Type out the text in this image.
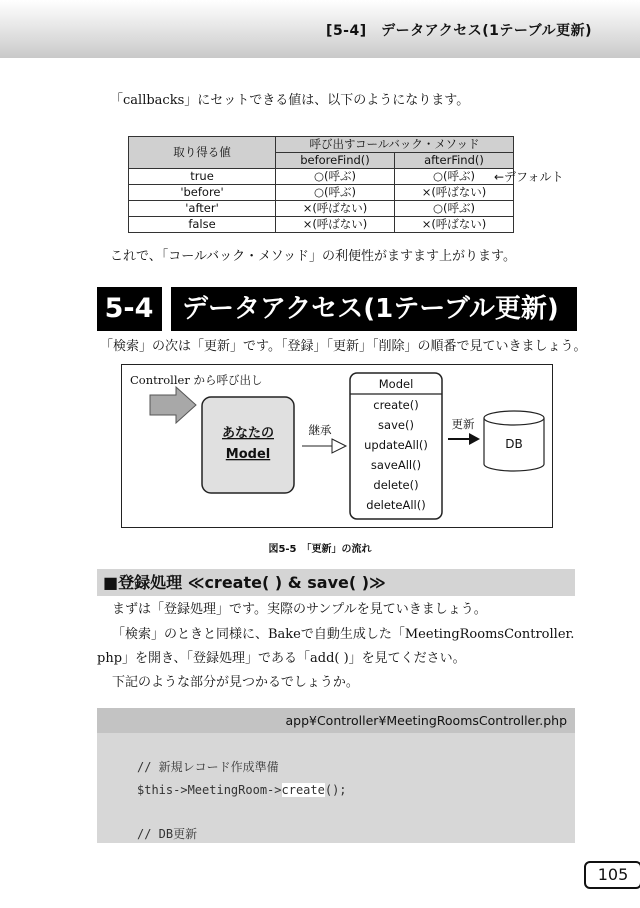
[5-4]　データアクセス(1テーブル更新)
「callbacks」にセットできる値は、以下のようになります。
取り得る値	呼び出すコールバック・メソッド	
	beforeFind()	afterFind()
true	○(呼ぶ)	○(呼ぶ)
'before'	○(呼ぶ)	×(呼ばない)
'after'	×(呼ばない)	○(呼ぶ)
false	×(呼ばない)	×(呼ばない)
←デフォルト
これで、「コールバック・メソッド」の利便性がますます上がります。
5-4 データアクセス(1テーブル更新)
「検索」の次は「更新」です。「登録」「更新」「削除」の順番で見ていきましょう。
Controller から呼び出し
あなたの
Model
継承
Model
create()
save()
updateAll()
saveAll()
delete()
deleteAll()
更新
DB
図5-5　「更新」の流れ
■登録処理 ≪create( ) & save( )≫
まずは「登録処理」です。実際のサンプルを見ていきましょう。
「検索」のときと同様に、Bakeで自動生成した「MeetingRoomsController.
php」を開き、「登録処理」である「add( )」を見てください。
下記のような部分が見つかるでしょうか。
app¥Controller¥MeetingRoomsController.php
// 新規レコード作成準備
$this->MeetingRoom->create();
// DB更新
105
